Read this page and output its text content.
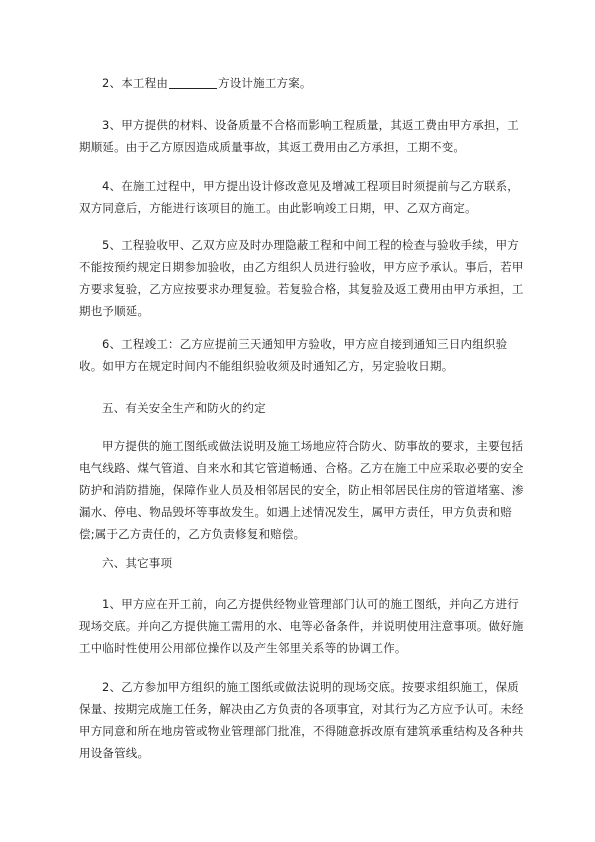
2、本工程由	方设计施工方案。

3、甲方提供的材料、设备质量不合格而影响工程质量，其返工费由甲方承担，工期顺延。由于乙方原因造成质量事故，其返工费用由乙方承担，工期不变。

4、在施工过程中，甲方提出设计修改意见及增减工程项目时须提前与乙方联系，双方同意后，方能进行该项目的施工。由此影响竣工日期，甲、乙双方商定。

5、工程验收甲、乙双方应及时办理隐蔽工程和中间工程的检查与验收手续，甲方不能按预约规定日期参加验收，由乙方组织人员进行验收，甲方应予承认。事后，若甲方要求复验，乙方应按要求办理复验。若复验合格，其复验及返工费用由甲方承担，工期也予顺延。

6、工程竣工：乙方应提前三天通知甲方验收，甲方应自接到通知三日内组织验收。如甲方在规定时间内不能组织验收须及时通知乙方，另定验收日期。

五、有关安全生产和防火的约定

甲方提供的施工图纸或做法说明及施工场地应符合防火、防事故的要求，主要包括电气线路、煤气管道、自来水和其它管道畅通、合格。乙方在施工中应采取必要的安全防护和消防措施，保障作业人员及相邻居民的安全，防止相邻居民住房的管道堵塞、渗漏水、停电、物品毁坏等事故发生。如遇上述情况发生，属甲方责任，甲方负责和赔偿;属于乙方责任的，乙方负责修复和赔偿。

六、其它事项

1、甲方应在开工前，向乙方提供经物业管理部门认可的施工图纸，并向乙方进行现场交底。并向乙方提供施工需用的水、电等必备条件，并说明使用注意事项。做好施工中临时性使用公用部位操作以及产生邻里关系等的协调工作。

2、乙方参加甲方组织的施工图纸或做法说明的现场交底。按要求组织施工，保质保量、按期完成施工任务，解决由乙方负责的各项事宜，对其行为乙方应予认可。未经甲方同意和所在地房管或物业管理部门批准，不得随意拆改原有建筑承重结构及各种共用设备管线。
